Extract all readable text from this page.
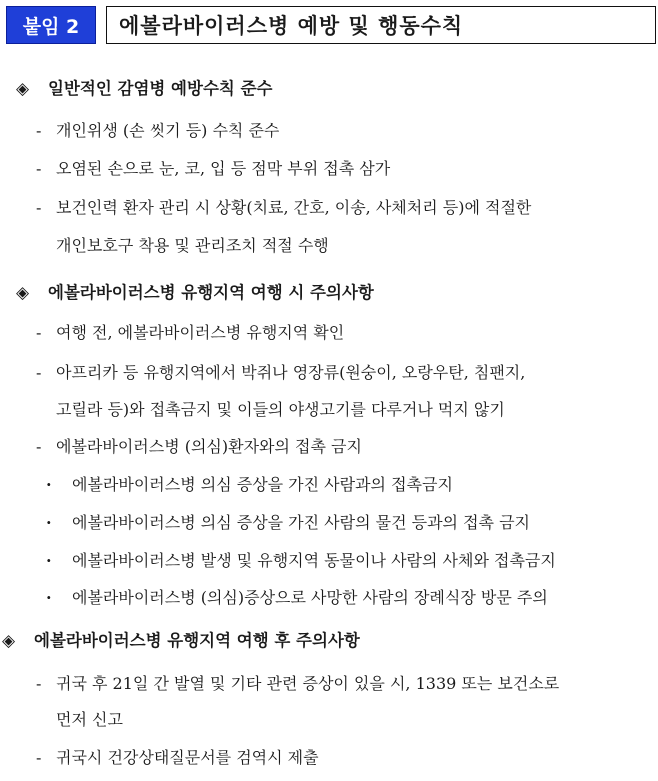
붙임 2	에볼라바이러스병 예방 및 행동수칙
◈	일반적인 감염병 예방수칙 준수
- 개인위생 (손 씻기 등) 수칙 준수
- 오염된 손으로 눈, 코, 입 등 점막 부위 접촉 삼가
- 보건인력 환자 관리 시 상황(치료, 간호, 이송, 사체처리 등)에 적절한
개인보호구 착용 및 관리조치 적절 수행
◈	에볼라바이러스병 유행지역 여행 시 주의사항
- 여행 전, 에볼라바이러스병 유행지역 확인
- 아프리카 등 유행지역에서 박쥐나 영장류(원숭이, 오랑우탄, 침팬지,
고릴라 등)와 접촉금지 및 이들의 야생고기를 다루거나 먹지 않기
- 에볼라바이러스병 (의심)환자와의 접촉 금지
· 에볼라바이러스병 의심 증상을 가진 사람과의 접촉금지
· 에볼라바이러스병 의심 증상을 가진 사람의 물건 등과의 접촉 금지
· 에볼라바이러스병 발생 및 유행지역 동물이나 사람의 사체와 접촉금지
· 에볼라바이러스병 (의심)증상으로 사망한 사람의 장례식장 방문 주의
◈	에볼라바이러스병 유행지역 여행 후 주의사항
- 귀국 후 21일 간 발열 및 기타 관련 증상이 있을 시, 1339 또는 보건소로
먼저 신고
- 귀국시 건강상태질문서를 검역시 제출
